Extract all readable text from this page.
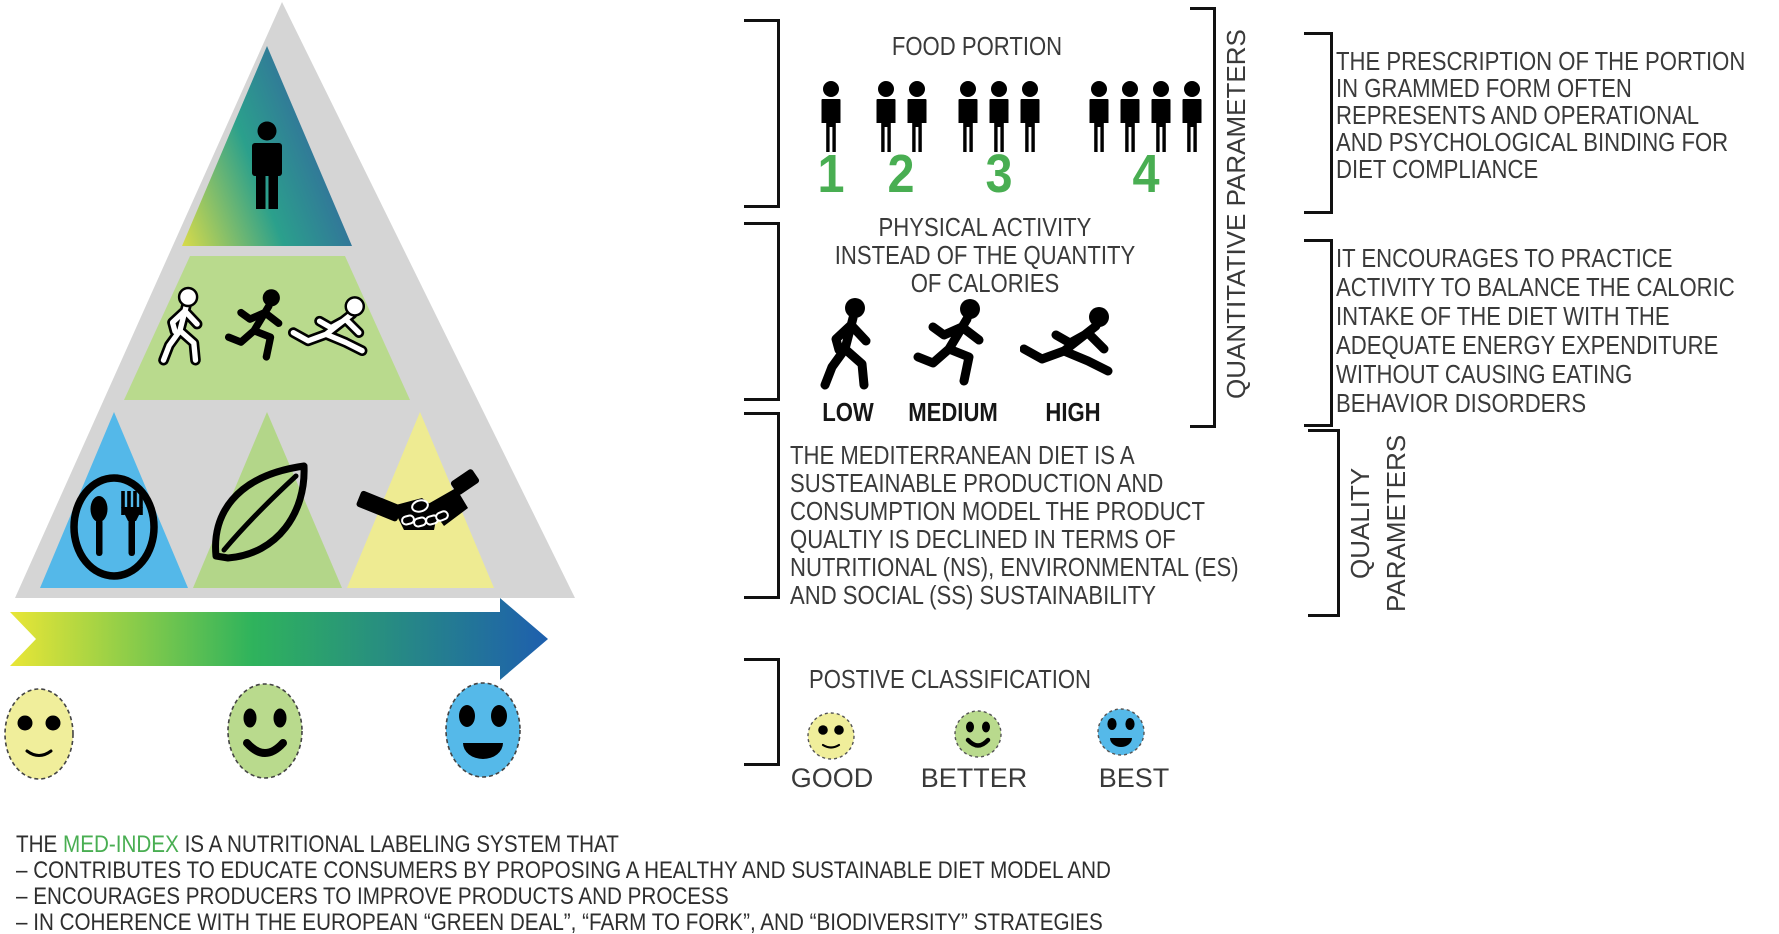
FOOD PORTION
1 2 3 4
PHYSICAL ACTIVITY
INSTEAD OF THE QUANTITY
OF CALORIES
LOW MEDIUM HIGH
THE MEDITERRANEAN DIET IS A
SUSTEAINABLE PRODUCTION AND
CONSUMPTION MODEL THE PRODUCT
QUALTIY IS DECLINED IN TERMS OF
NUTRITIONAL (NS), ENVIRONMENTAL (ES)
AND SOCIAL (SS) SUSTAINABILITY
POSTIVE CLASSIFICATION
GOOD BETTER	BEST
QUANTITATIVE PARAMETERS	THE PRESCRIPTION OF THE PORTION
IN GRAMMED FORM OFTEN
REPRESENTS AND OPERATIONAL
AND PSYCHOLOGICAL BINDING FOR
DIET COMPLIANCE
IT ENCOURAGES TO PRACTICE
ACTIVITY TO BALANCE THE CALORIC
INTAKE OF THE DIET WITH THE
ADEQUATE ENERGY EXPENDITURE
WITHOUT CAUSING EATING
BEHAVIOR DISORDERS
QUALITY PARAMETERS
THE MED-INDEX IS A NUTRITIONAL LABELING SYSTEM THAT
– CONTRIBUTES TO EDUCATE CONSUMERS BY PROPOSING A HEALTHY AND SUSTAINABLE DIET MODEL AND
– ENCOURAGES PRODUCERS TO IMPROVE PRODUCTS AND PROCESS
– IN COHERENCE WITH THE EUROPEAN “GREEN DEAL”, “FARM TO FORK”, AND “BIODIVERSITY” STRATEGIES
